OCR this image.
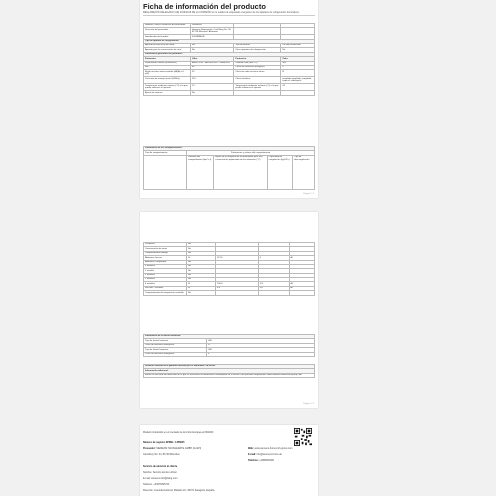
Ficha de información del producto
REGLAMENTO DELEGADO (UE) 2019/2016 DE LA COMISIÓN en lo relativo al etiquetado energético de los aparatos de refrigeración domésticos
Nombre o marca comercial del proveedor:	SIEMENS		
Dirección del proveedor:	Siemens Hausgeräte, Carl-Wery-Str. 34, 81739 München, Alemania		
Identificador del modelo:	KG39NAIDR		
Tipo de aparato de refrigeración:			
Aparato de bajo nivel de ruido:	No	Tipo de diseño:	De libre instalación
Aparato para la conservación de vino:	No	Otros aparatos de refrigeración:	No
Parámetros generales del producto:			
Parámetro	Valor	Parámetro	Valor
Dimensiones totales (milímetros)	Altura 2030 · Anchura 600 · Fondo 665	Volumen total (dm³ o l)	363
IEE	80	Clase de eficiencia energética	C
Ruido acústico aéreo emitido (dB(A) re 1 pW)	35	Clase de ruido acústico aéreo	B
Consumo de energía anual (kWh/a)	214	Clase climática:	templado ampliado, templado, tropical, subtropical
Temperatura ambiente mínima (°C) a la que puede utilizarse el aparato	10	Temperatura ambiente máxima (°C) a la que puede utilizarse el aparato	43
Ajuste de invierno	No		
Parámetros de los compartimentos:				
Tipo de compartimento	Parámetros y valores del compartimento			
	Volumen del compartimento (dm³ o l)	Ajuste de la temperatura recomendado para una conservación optimizada de los alimentos (°C)	Capacidad de congelación (kg/24 h)	Tipo de descongelación
Página 1 / 2
Despensa	No			
Conservación de vinos	No			
Compartimento bodega	No			
Alimentos frescos	Sí	257,0	4	Af
Alimentos congelados	No			
0 estrellas	No			
1 estrella	No			
2 estrellas	No			
3 estrellas	No			
4 estrellas	Sí	106,0	-18	Af
Sección 2 estrellas	Sí	8,0	-18	Af
Compartimento de temperatura variable	No			
Parámetros de la fuente luminosa:	
Tipo de fuente luminosa	LED
Clase de eficiencia energética	G
Tipo de fuente luminosa	LED
Clase de eficiencia energética	F
Duración mínima de la garantía ofrecida por el fabricante: 24 meses
Información adicional:
Enlace al sitio web del fabricante en el que se encuentra la información contemplada en el anexo II del presente Reglamento: www.siemens-home.bsh-group.com
Página 2 / 2
Modelo introducido en el mercado de la Unión Europea el 08/2023
Número de registro EPREL: 1458025
Proveedor: SIEMENS HAUSGERÄTE GMBH (GmbH)
Carl-Wery-Str. 34, 81739 München
Web: www.siemens-home.bsh-group.com
E-mail: info@siemens-home.de
Teléfono: +4989450090
Servicio de atención al cliente
Nombre: Servicio técnico oficial
E-mail: siemens-info@bshg.com
Teléfono: +34976305714
Dirección: Avenida Gutiérrez Mellado s/n, 50071 Zaragoza, España
